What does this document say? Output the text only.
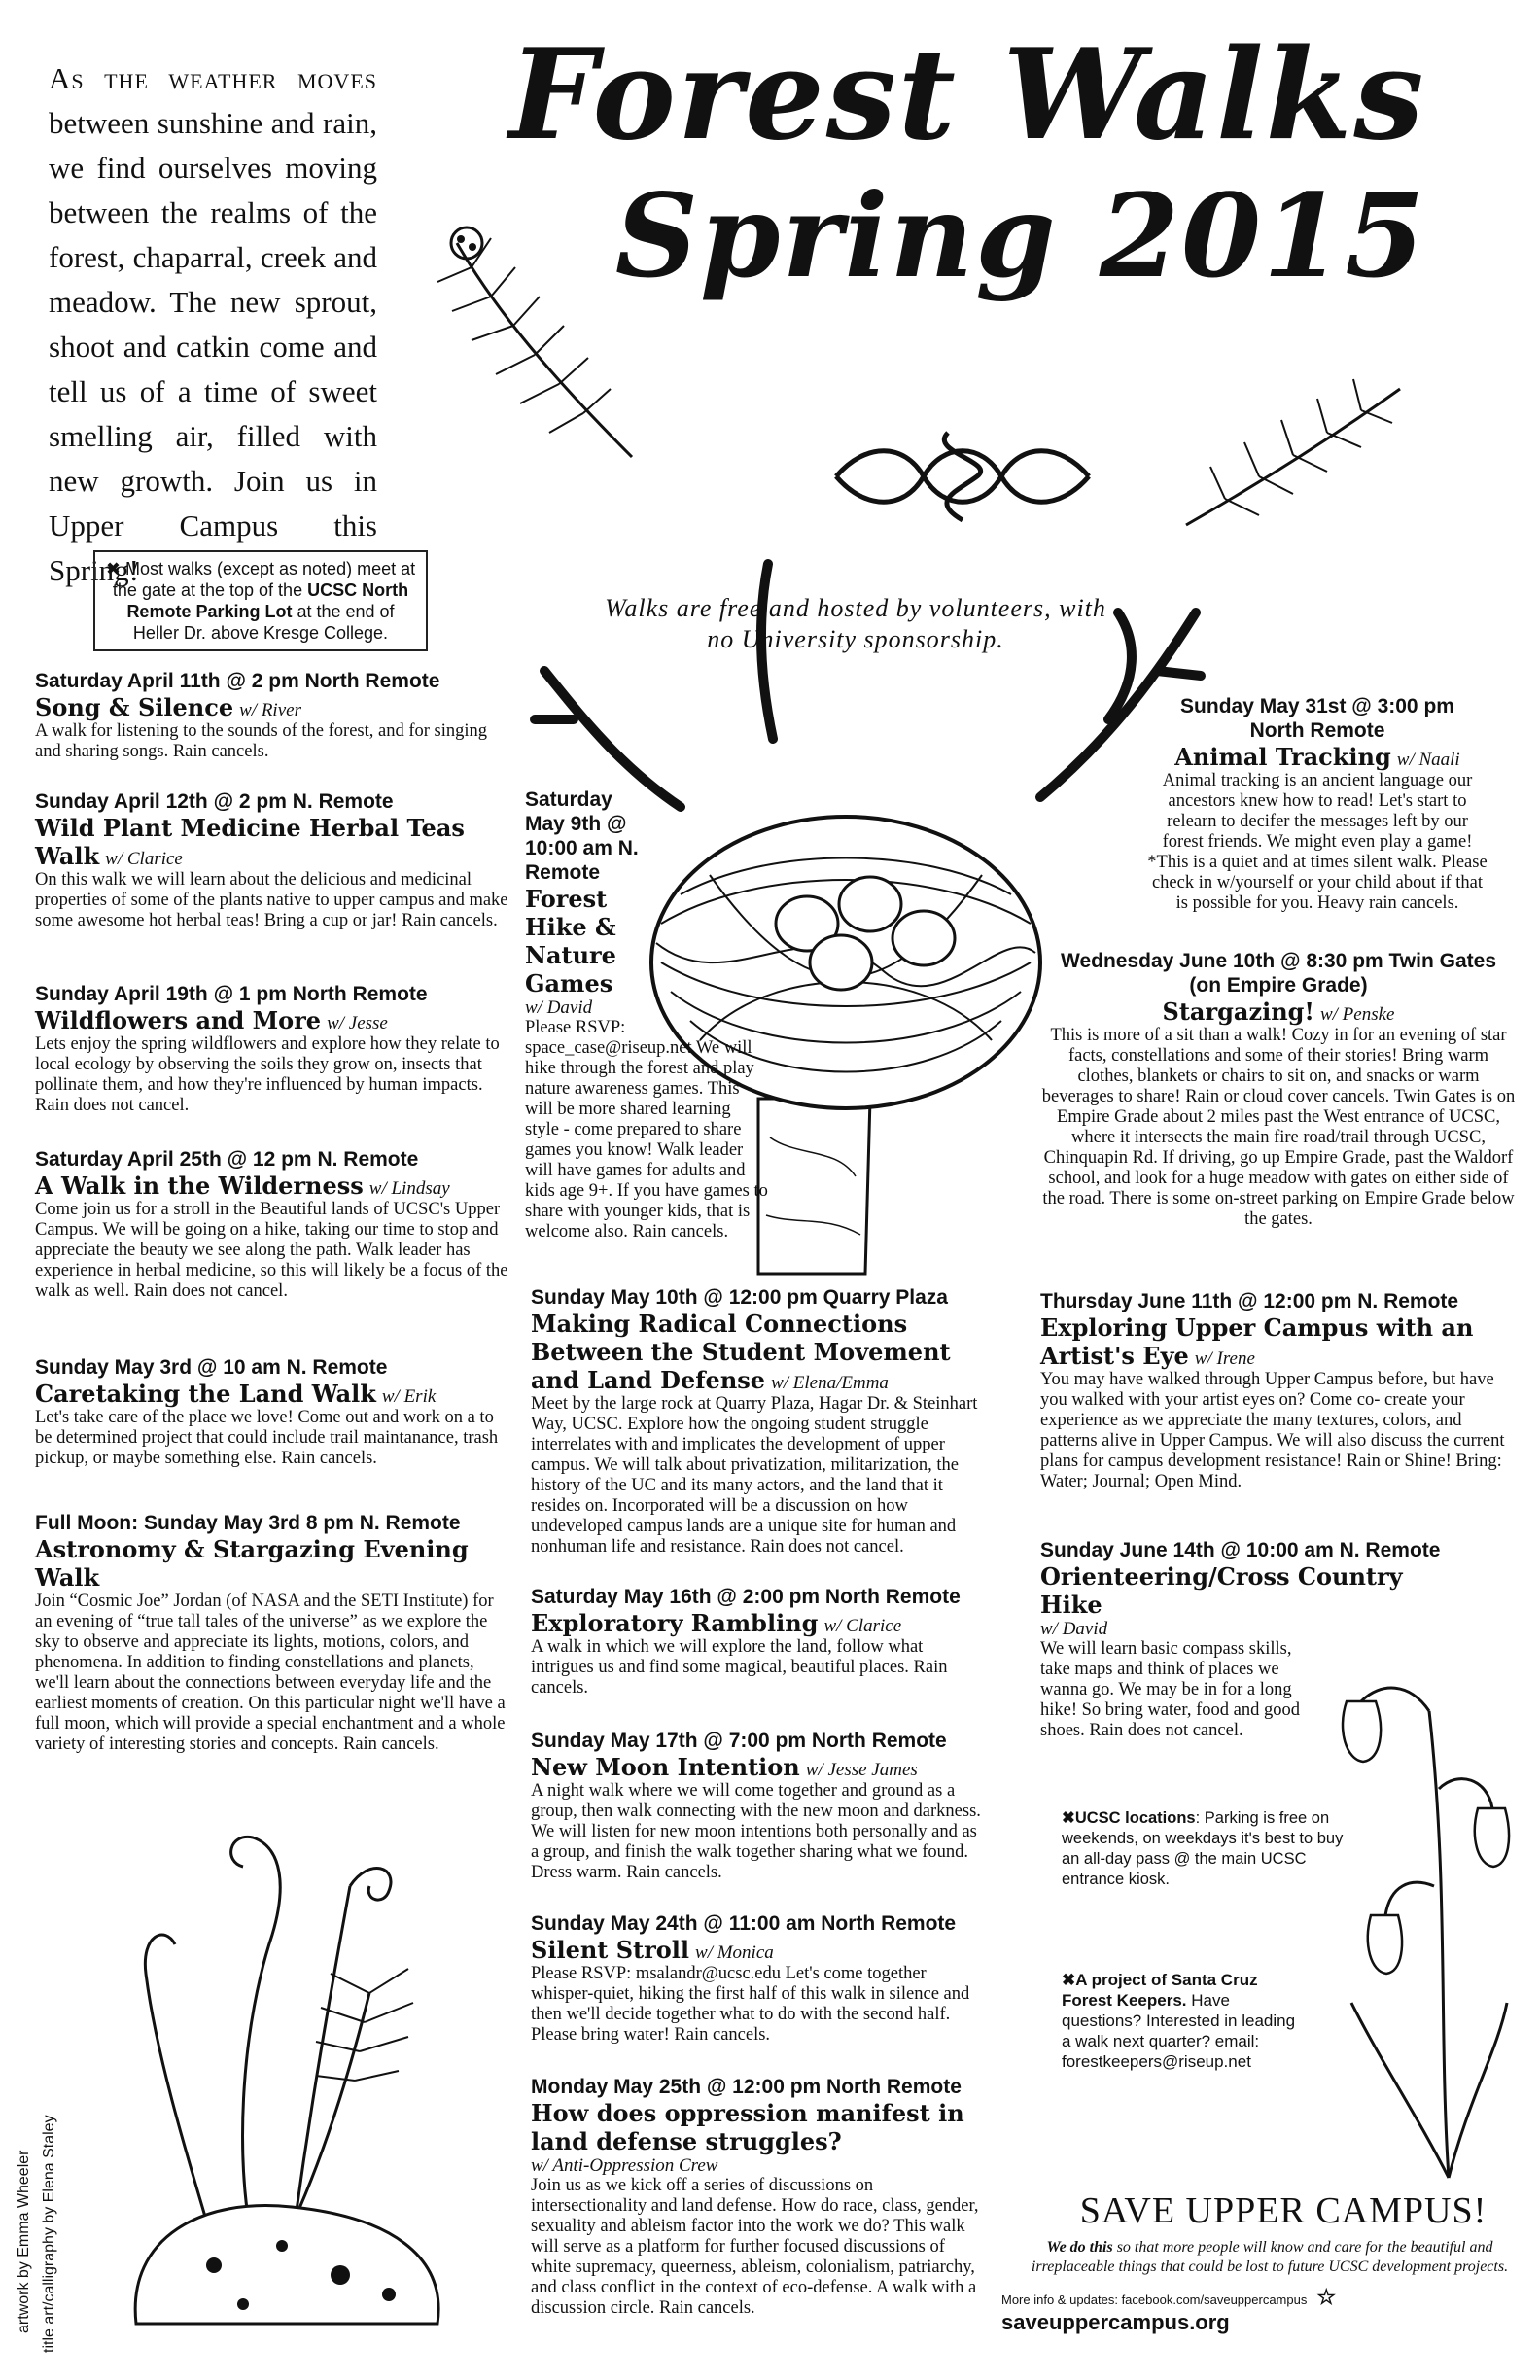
As the weather moves between sunshine and rain, we find ourselves moving between the realms of the forest, chaparral, creek and meadow. The new sprout, shoot and catkin come and tell us of a time of sweet smelling air, filled with new growth. Join us in Upper Campus this Spring!
Forest Walks
Spring 2015
✖ Most walks (except as noted) meet at the gate at the top of the UCSC North Remote Parking Lot at the end of Heller Dr. above Kresge College.
Walks are free and hosted by volunteers, with no University sponsorship.
Saturday April 11th @ 2 pm North Remote
Song & Silence w/ River
A walk for listening to the sounds of the forest, and for singing and sharing songs. Rain cancels.
Sunday April 12th @ 2 pm N. Remote
Wild Plant Medicine Herbal Teas Walk w/ Clarice
On this walk we will learn about the delicious and medicinal properties of some of the plants native to upper campus and make some awesome hot herbal teas! Bring a cup or jar! Rain cancels.
Sunday April 19th @ 1 pm North Remote
Wildflowers and More w/ Jesse
Lets enjoy the spring wildflowers and explore how they relate to local ecology by observing the soils they grow on, insects that pollinate them, and how they're influenced by human impacts. Rain does not cancel.
Saturday April 25th @ 12 pm N. Remote
A Walk in the Wilderness w/ Lindsay
Come join us for a stroll in the Beautiful lands of UCSC's Upper Campus. We will be going on a hike, taking our time to stop and appreciate the beauty we see along the path. Walk leader has experience in herbal medicine, so this will likely be a focus of the walk as well. Rain does not cancel.
Sunday May 3rd @ 10 am N. Remote
Caretaking the Land Walk w/ Erik
Let's take care of the place we love! Come out and work on a to be determined project that could include trail maintanance, trash pickup, or maybe something else. Rain cancels.
Full Moon: Sunday May 3rd 8 pm N. Remote
Astronomy & Stargazing Evening Walk
Join “Cosmic Joe” Jordan (of NASA and the SETI Institute) for an evening of “true tall tales of the universe” as we explore the sky to observe and appreciate its lights, motions, colors, and phenomena. In addition to finding constellations and planets, we'll learn about the connections between everyday life and the earliest moments of creation. On this particular night we'll have a full moon, which will provide a special enchantment and a whole variety of interesting stories and concepts. Rain cancels.
artwork by Emma Wheeler title art/calligraphy by Elena Staley
Saturday May 9th @ 10:00 am N. Remote
Forest Hike & Nature Games
w/ David
Please RSVP: space_case@riseup.net We will hike through the forest and play nature awareness games. This will be more shared learning style - come prepared to share games you know! Walk leader will have games for adults and kids age 9+. If you have games to share with younger kids, that is welcome also. Rain cancels.
Sunday May 10th @ 12:00 pm Quarry Plaza
Making Radical Connections Between the Student Movement and Land Defense w/ Elena/Emma
Meet by the large rock at Quarry Plaza, Hagar Dr. & Steinhart Way, UCSC. Explore how the ongoing student struggle interrelates with and implicates the development of upper campus. We will talk about privatization, militarization, the history of the UC and its many actors, and the land that it resides on. Incorporated will be a discussion on how undeveloped campus lands are a unique site for human and nonhuman life and resistance. Rain does not cancel.
Saturday May 16th @ 2:00 pm North Remote
Exploratory Rambling w/ Clarice
A walk in which we will explore the land, follow what intrigues us and find some magical, beautiful places. Rain cancels.
Sunday May 17th @ 7:00 pm North Remote
New Moon Intention w/ Jesse James
A night walk where we will come together and ground as a group, then walk connecting with the new moon and darkness. We will listen for new moon intentions both personally and as a group, and finish the walk together sharing what we found. Dress warm. Rain cancels.
Sunday May 24th @ 11:00 am North Remote
Silent Stroll w/ Monica
Please RSVP: msalandr@ucsc.edu Let's come together whisper-quiet, hiking the first half of this walk in silence and then we'll decide together what to do with the second half. Please bring water! Rain cancels.
Monday May 25th @ 12:00 pm North Remote
How does oppression manifest in land defense struggles?
w/ Anti-Oppression Crew
Join us as we kick off a series of discussions on intersectionality and land defense. How do race, class, gender, sexuality and ableism factor into the work we do? This walk will serve as a platform for further focused discussions of white supremacy, queerness, ableism, colonialism, patriarchy, and class conflict in the context of eco-defense. A walk with a discussion circle. Rain cancels.
Sunday May 31st @ 3:00 pm North Remote
Animal Tracking w/ Naali
Animal tracking is an ancient language our ancestors knew how to read! Let's start to relearn to decifer the messages left by our forest friends. We might even play a game! *This is a quiet and at times silent walk. Please check in w/yourself or your child about if that is possible for you. Heavy rain cancels.
Wednesday June 10th @ 8:30 pm Twin Gates (on Empire Grade)
Stargazing! w/ Penske
This is more of a sit than a walk! Cozy in for an evening of star facts, constellations and some of their stories! Bring warm clothes, blankets or chairs to sit on, and snacks or warm beverages to share! Rain or cloud cover cancels. Twin Gates is on Empire Grade about 2 miles past the West entrance of UCSC, where it intersects the main fire road/trail through UCSC, Chinquapin Rd. If driving, go up Empire Grade, past the Waldorf school, and look for a huge meadow with gates on either side of the road. There is some on-street parking on Empire Grade below the gates.
Thursday June 11th @ 12:00 pm N. Remote
Exploring Upper Campus with an Artist's Eye w/ Irene
You may have walked through Upper Campus before, but have you walked with your artist eyes on? Come co- create your experience as we appreciate the many textures, colors, and patterns alive in Upper Campus. We will also discuss the current plans for campus development resistance! Rain or Shine! Bring: Water; Journal; Open Mind.
Sunday June 14th @ 10:00 am N. Remote
Orienteering/Cross Country Hike
w/ David
We will learn basic compass skills, take maps and think of places we wanna go. We may be in for a long hike! So bring water, food and good shoes. Rain does not cancel.
✖UCSC locations: Parking is free on weekends, on weekdays it's best to buy an all-day pass @ the main UCSC entrance kiosk.
✖A project of Santa Cruz Forest Keepers. Have questions? Interested in leading a walk next quarter? email: forestkeepers@riseup.net
SAVE UPPER CAMPUS!
We do this so that more people will know and care for the beautiful and irreplaceable things that could be lost to future UCSC development projects.
More info & updates: facebook.com/saveuppercampus ☆ saveuppercampus.org
